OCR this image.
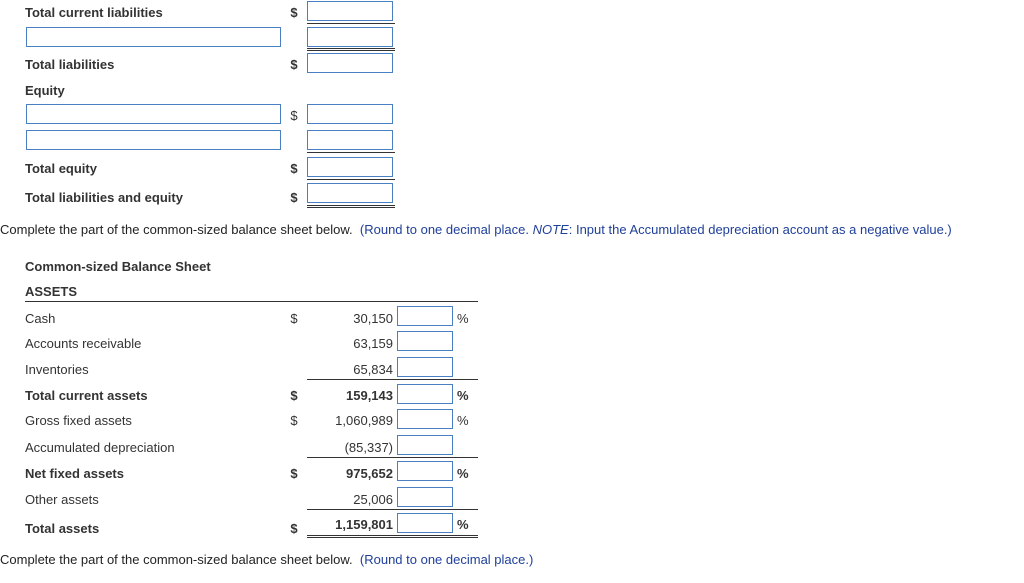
Total current liabilities	$
Total liabilities	$
Equity
$
Total equity	$
Total liabilities and equity	$
Complete the part of the common-sized balance sheet below. (Round to one decimal place. NOTE: Input the Accumulated depreciation account as a negative value.)
Common-sized Balance Sheet
ASSETS
Cash	$	30,150	%
Accounts receivable	63,159
Inventories	65,834
Total current assets	$	159,143	%
Gross fixed assets	$	1,060,989	%
Accumulated depreciation	(85,337)
Net fixed assets	$	975,652	%
Other assets	25,006
Total assets	$	1,159,801	%
Complete the part of the common-sized balance sheet below. (Round to one decimal place.)
